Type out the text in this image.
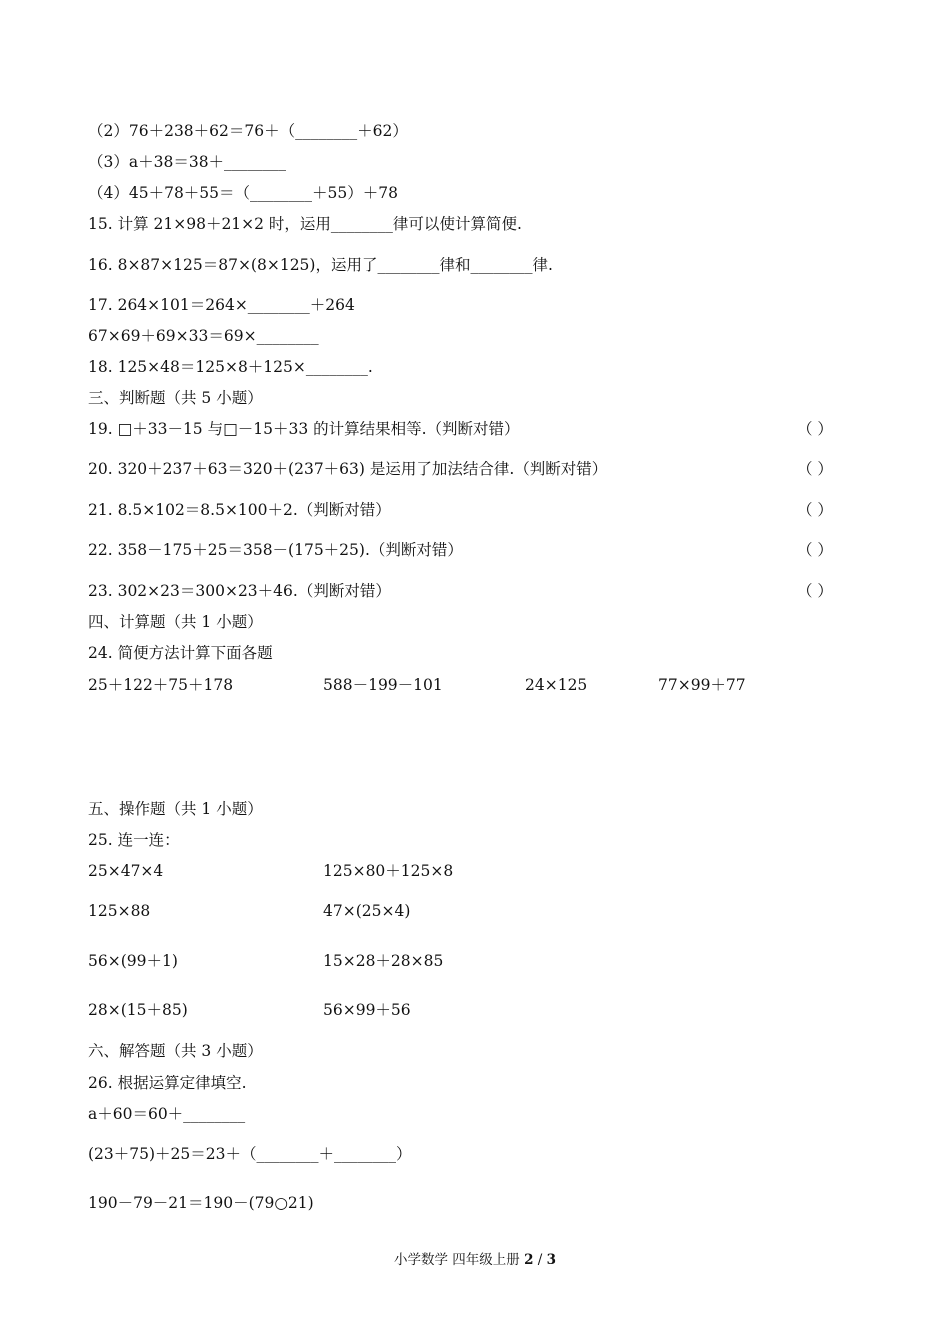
（2）76＋238＋62＝76＋（________＋62）
（3）a＋38＝38＋________
（4）45＋78＋55＝（________＋55）＋78
15. 计算 21×98＋21×2 时，运用________律可以使计算简便.
16. 8×87×125＝87×(8×125)，运用了________律和________律.
17. 264×101＝264×________＋264
67×69＋69×33＝69×________
18. 125×48＝125×8＋125×________.
三、判断题（共 5 小题）
19. □＋33－15 与□－15＋33 的计算结果相等.（判断对错）	（ ）
20. 320＋237＋63＝320＋(237＋63) 是运用了加法结合律.（判断对错）	（ ）
21. 8.5×102＝8.5×100＋2.（判断对错）	（ ）
22. 358－175＋25＝358－(175＋25).（判断对错）	（ ）
23. 302×23＝300×23＋46.（判断对错）	（ ）
四、计算题（共 1 小题）
24. 简便方法计算下面各题
25＋122＋75＋178	588－199－101	24×125	77×99＋77
五、操作题（共 1 小题）
25. 连一连：
25×47×4	125×80＋125×8
125×88	47×(25×4)
56×(99＋1)	15×28＋28×85
28×(15＋85)	56×99＋56
六、解答题（共 3 小题）
26. 根据运算定律填空.
a＋60＝60＋________
(23＋75)＋25＝23＋（________＋________）
190－79－21＝190－(79○21)
小学数学 四年级上册 2 / 3
